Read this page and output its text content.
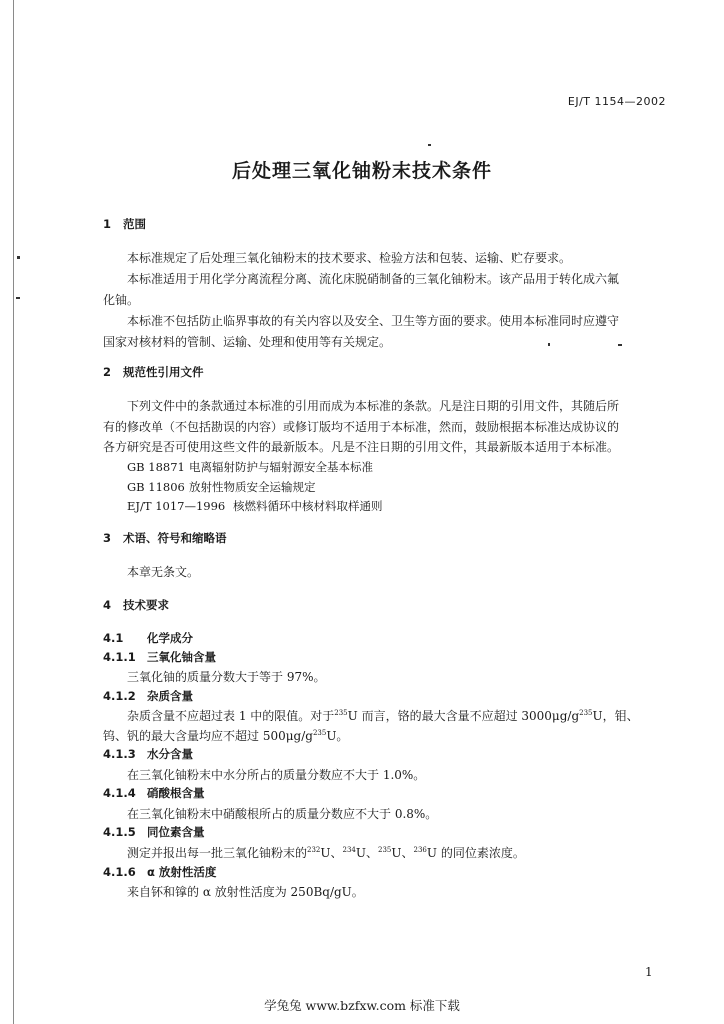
EJ/T 1154—2002
后处理三氧化铀粉末技术条件
1 范围
本标准规定了后处理三氧化铀粉末的技术要求、检验方法和包装、运输、贮存要求。
本标准适用于用化学分离流程分离、流化床脱硝制备的三氧化铀粉末。该产品用于转化成六氟
化铀。
本标准不包括防止临界事故的有关内容以及安全、卫生等方面的要求。使用本标准同时应遵守
国家对核材料的管制、运输、处理和使用等有关规定。
2 规范性引用文件
下列文件中的条款通过本标准的引用而成为本标准的条款。凡是注日期的引用文件，其随后所
有的修改单（不包括勘误的内容）或修订版均不适用于本标准，然而，鼓励根据本标准达成协议的
各方研究是否可使用这些文件的最新版本。凡是不注日期的引用文件，其最新版本适用于本标准。
GB 18871 电离辐射防护与辐射源安全基本标准
GB 11806 放射性物质安全运输规定
EJ/T 1017—1996 核燃料循环中核材料取样通则
3 术语、符号和缩略语
本章无条文。
4 技术要求
4.1 化学成分
4.1.1 三氧化铀含量
三氧化铀的质量分数大于等于 97%。
4.1.2 杂质含量
杂质含量不应超过表 1 中的限值。对于$^{235}$U 而言，铬的最大含量不应超过 $3000\mu g/g^{235}U$，钼、
钨、钒的最大含量均应不超过 $500\mu g/g^{235}U$。
4.1.3 水分含量
在三氧化铀粉末中水分所占的质量分数应不大于 1.0%。
4.1.4 硝酸根含量
在三氧化铀粉末中硝酸根所占的质量分数应不大于 0.8%。
4.1.5 同位素含量
测定并报出每一批三氧化铀粉末的$^{232}$U、$^{234}$U、$^{235}$U、$^{236}$U 的同位素浓度。
4.1.6 α 放射性活度
来自钚和镎的 α 放射性活度为 250Bq/gU。
1
学兔兔 www.bzfxw.com 标准下载
